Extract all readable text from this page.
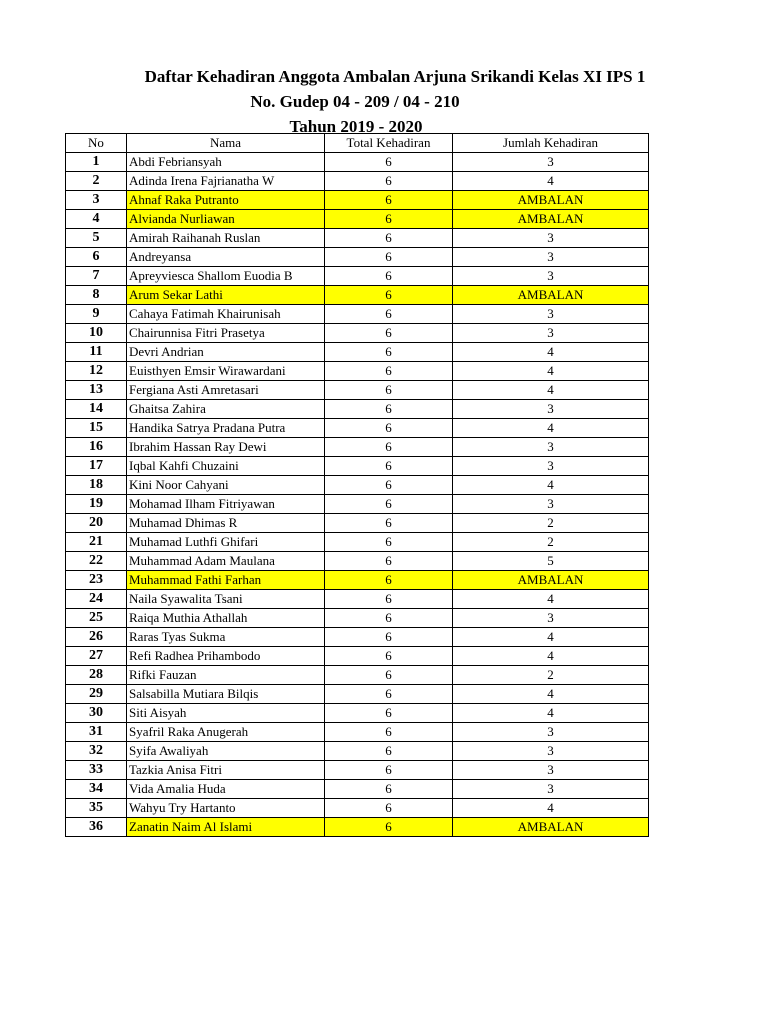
Daftar Kehadiran Anggota Ambalan Arjuna Srikandi Kelas XI IPS 1
No. Gudep 04 - 209 / 04 - 210
Tahun 2019 - 2020
No	Nama	Total Kehadiran	Jumlah Kehadiran
1	Abdi Febriansyah	6	3
2	Adinda Irena Fajrianatha W	6	4
3	Ahnaf Raka Putranto	6	AMBALAN
4	Alvianda Nurliawan	6	AMBALAN
5	Amirah Raihanah Ruslan	6	3
6	Andreyansa	6	3
7	Apreyviesca Shallom Euodia B	6	3
8	Arum Sekar Lathi	6	AMBALAN
9	Cahaya Fatimah Khairunisah	6	3
10	Chairunnisa Fitri Prasetya	6	3
11	Devri Andrian	6	4
12	Euisthyen Emsir Wirawardani	6	4
13	Fergiana Asti Amretasari	6	4
14	Ghaitsa Zahira	6	3
15	Handika Satrya Pradana Putra	6	4
16	Ibrahim Hassan Ray Dewi	6	3
17	Iqbal Kahfi Chuzaini	6	3
18	Kini Noor Cahyani	6	4
19	Mohamad Ilham Fitriyawan	6	3
20	Muhamad Dhimas R	6	2
21	Muhamad Luthfi Ghifari	6	2
22	Muhammad Adam Maulana	6	5
23	Muhammad Fathi Farhan	6	AMBALAN
24	Naila Syawalita Tsani	6	4
25	Raiqa Muthia Athallah	6	3
26	Raras Tyas Sukma	6	4
27	Refi Radhea Prihambodo	6	4
28	Rifki Fauzan	6	2
29	Salsabilla Mutiara Bilqis	6	4
30	Siti Aisyah	6	4
31	Syafril Raka Anugerah	6	3
32	Syifa Awaliyah	6	3
33	Tazkia Anisa Fitri	6	3
34	Vida Amalia Huda	6	3
35	Wahyu Try Hartanto	6	4
36	Zanatin Naim Al Islami	6	AMBALAN
